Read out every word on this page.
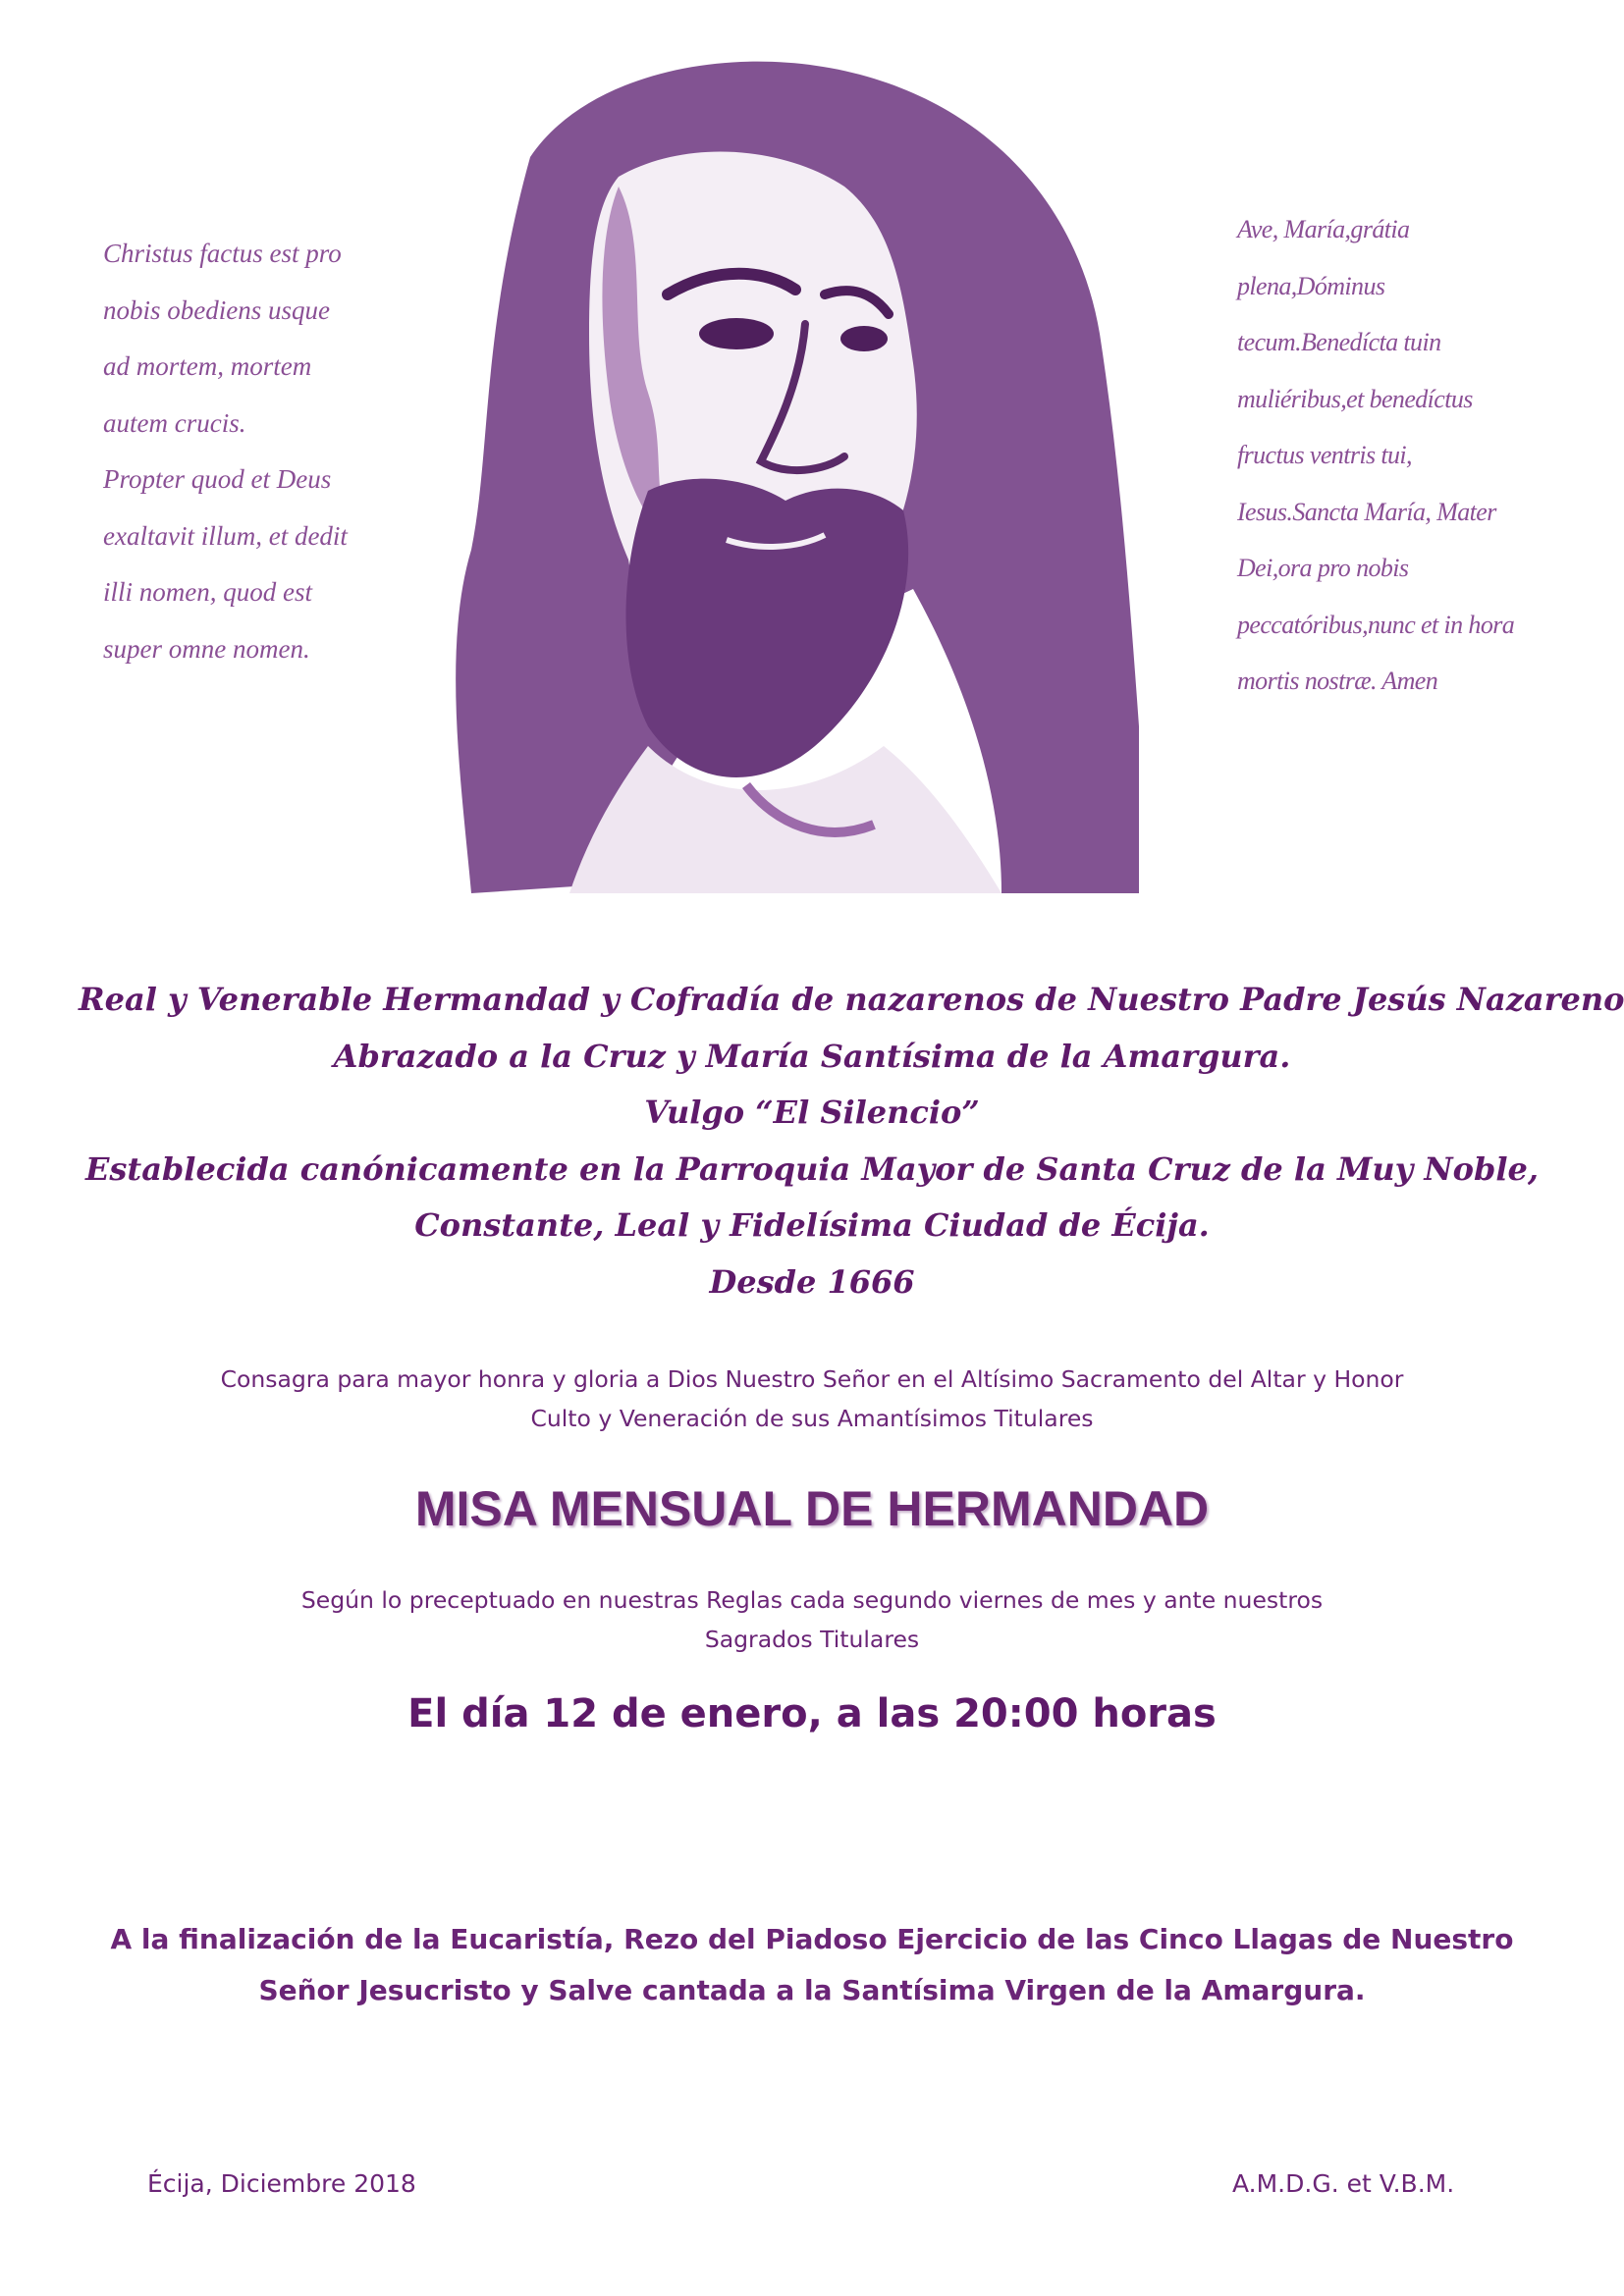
Christus factus est pro
nobis obediens usque
ad mortem, mortem
autem crucis.
Propter quod et Deus
exaltavit illum, et dedit
illi nomen, quod est
super omne nomen.
Ave, María,grátia
plena,Dóminus
tecum.Benedícta tuin
muliéribus,et benedíctus
fructus ventris tui,
Iesus.Sancta María, Mater
Dei,ora pro nobis
peccatóribus,nunc et in hora
mortis nostræ. Amen
Real y Venerable Hermandad y Cofradía de nazarenos de Nuestro Padre Jesús Nazareno
Abrazado a la Cruz y María Santísima de la Amargura.
Vulgo “El Silencio”
Establecida canónicamente en la Parroquia Mayor de Santa Cruz de la Muy Noble,
Constante, Leal y Fidelísima Ciudad de Écija.
Desde 1666
Consagra para mayor honra y gloria a Dios Nuestro Señor en el Altísimo Sacramento del Altar y Honor
Culto y Veneración de sus Amantísimos Titulares
MISA MENSUAL DE HERMANDAD
Según lo preceptuado en nuestras Reglas cada segundo viernes de mes y ante nuestros
Sagrados Titulares
El día 12 de enero, a las 20:00 horas
A la finalización de la Eucaristía, Rezo del Piadoso Ejercicio de las Cinco Llagas de Nuestro
Señor Jesucristo y Salve cantada a la Santísima Virgen de la Amargura.
Écija, Diciembre 2018	A.M.D.G. et V.B.M.
